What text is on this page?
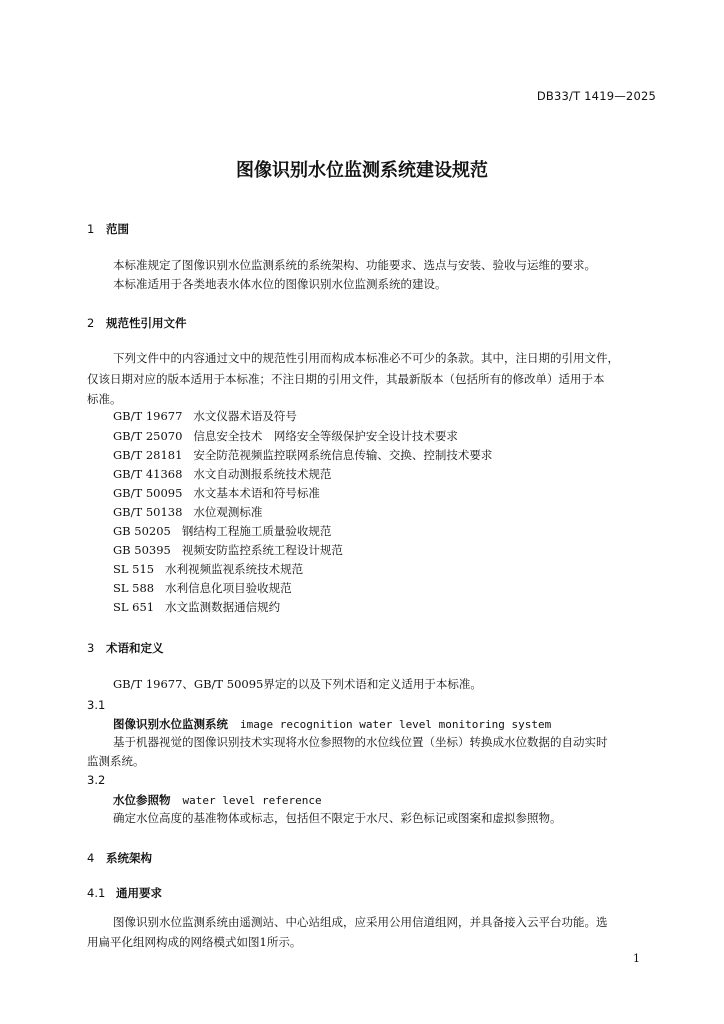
DB33/T 1419—2025
图像识别水位监测系统建设规范
1 范围
本标准规定了图像识别水位监测系统的系统架构、功能要求、选点与安装、验收与运维的要求。
本标准适用于各类地表水体水位的图像识别水位监测系统的建设。
2 规范性引用文件
下列文件中的内容通过文中的规范性引用而构成本标准必不可少的条款。其中，注日期的引用文件，
仅该日期对应的版本适用于本标准；不注日期的引用文件，其最新版本（包括所有的修改单）适用于本
标准。
GB/T 19677 水文仪器术语及符号
GB/T 25070 信息安全技术　网络安全等级保护安全设计技术要求
GB/T 28181 安全防范视频监控联网系统信息传输、交换、控制技术要求
GB/T 41368 水文自动测报系统技术规范
GB/T 50095 水文基本术语和符号标准
GB/T 50138 水位观测标准
GB 50205 钢结构工程施工质量验收规范
GB 50395 视频安防监控系统工程设计规范
SL 515 水利视频监视系统技术规范
SL 588 水利信息化项目验收规范
SL 651 水文监测数据通信规约
3 术语和定义
GB/T 19677、GB/T 50095界定的以及下列术语和定义适用于本标准。
3.1
图像识别水位监测系统 image recognition water level monitoring system
基于机器视觉的图像识别技术实现将水位参照物的水位线位置（坐标）转换成水位数据的自动实时
监测系统。
3.2
水位参照物 water level reference
确定水位高度的基准物体或标志，包括但不限定于水尺、彩色标记或图案和虚拟参照物。
4 系统架构
4.1 通用要求
图像识别水位监测系统由遥测站、中心站组成，应采用公用信道组网，并具备接入云平台功能。选
用扁平化组网构成的网络模式如图1所示。
1
